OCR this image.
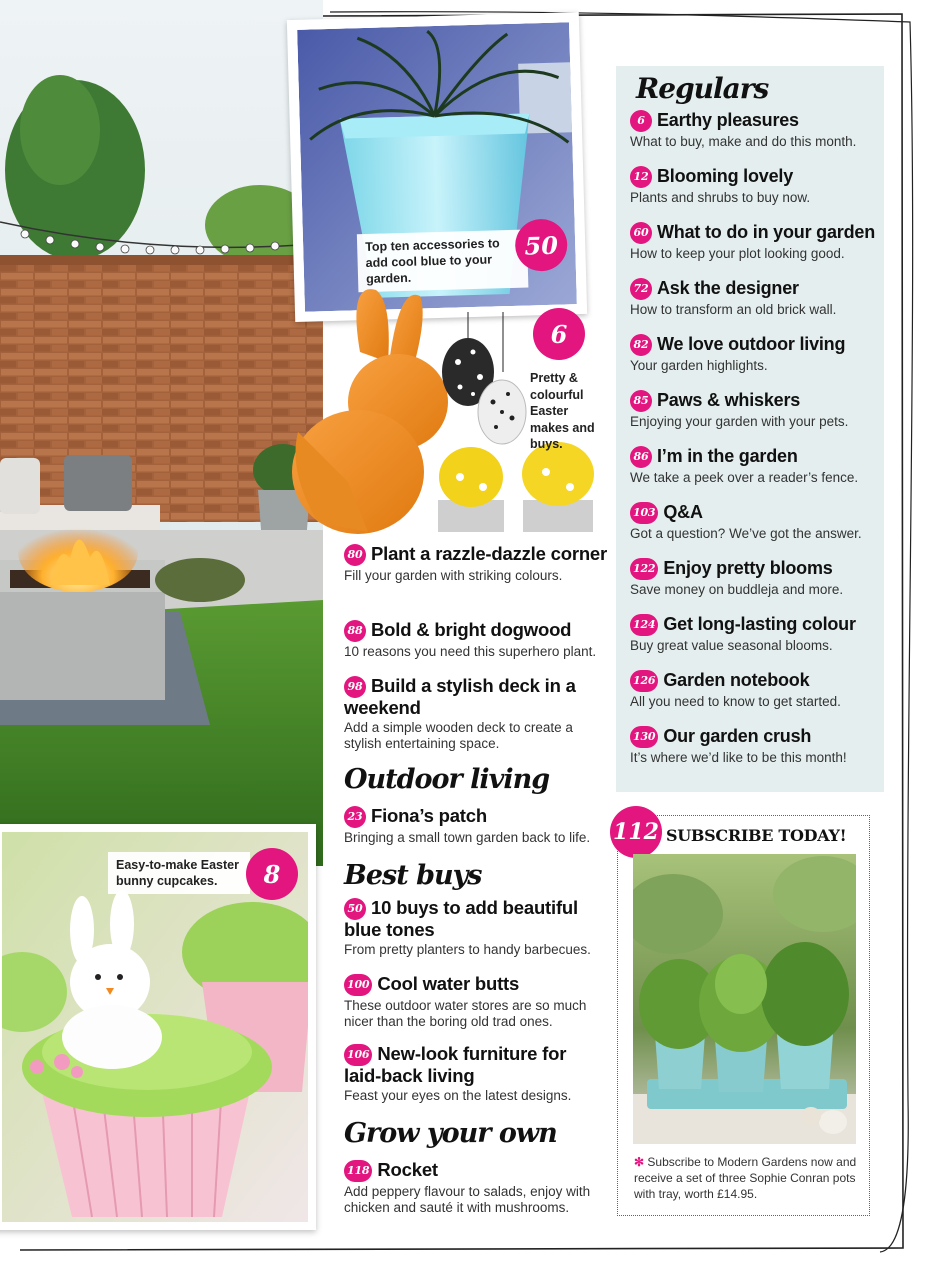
Top ten accessories to add cool blue to your garden.
50
6
Pretty & colourful Easter makes and buys.
Easy-to-make Easter bunny cupcakes.	8
80 Plant a razzle-dazzle corner
Fill your garden with striking colours.
88 Bold & bright dogwood
10 reasons you need this superhero plant.
98 Build a stylish deck in a weekend
Add a simple wooden deck to create a stylish entertaining space.
Outdoor living
23 Fiona’s patch
Bringing a small town garden back to life.
Best buys
50 10 buys to add beautiful blue tones
From pretty planters to handy barbecues.
100 Cool water butts
These outdoor water stores are so much nicer than the boring old trad ones.
106 New-look furniture for laid-back living
Feast your eyes on the latest designs.
Grow your own
118 Rocket
Add peppery flavour to salads, enjoy with chicken and sauté it with mushrooms.
Regulars
6 Earthy pleasures
What to buy, make and do this month.
12 Blooming lovely
Plants and shrubs to buy now.
60 What to do in your garden
How to keep your plot looking good.
72 Ask the designer
How to transform an old brick wall.
82 We love outdoor living
Your garden highlights.
85 Paws & whiskers
Enjoying your garden with your pets.
86 I’m in the garden
We take a peek over a reader’s fence.
103 Q&A
Got a question? We’ve got the answer.
122 Enjoy pretty blooms
Save money on buddleja and more.
124 Get long-lasting colour
Buy great value seasonal blooms.
126 Garden notebook
All you need to know to get started.
130 Our garden crush
It’s where we’d like to be this month!
112 SUBSCRIBE TODAY!
✻ Subscribe to Modern Gardens now and receive a set of three Sophie Conran pots with tray, worth £14.95.
